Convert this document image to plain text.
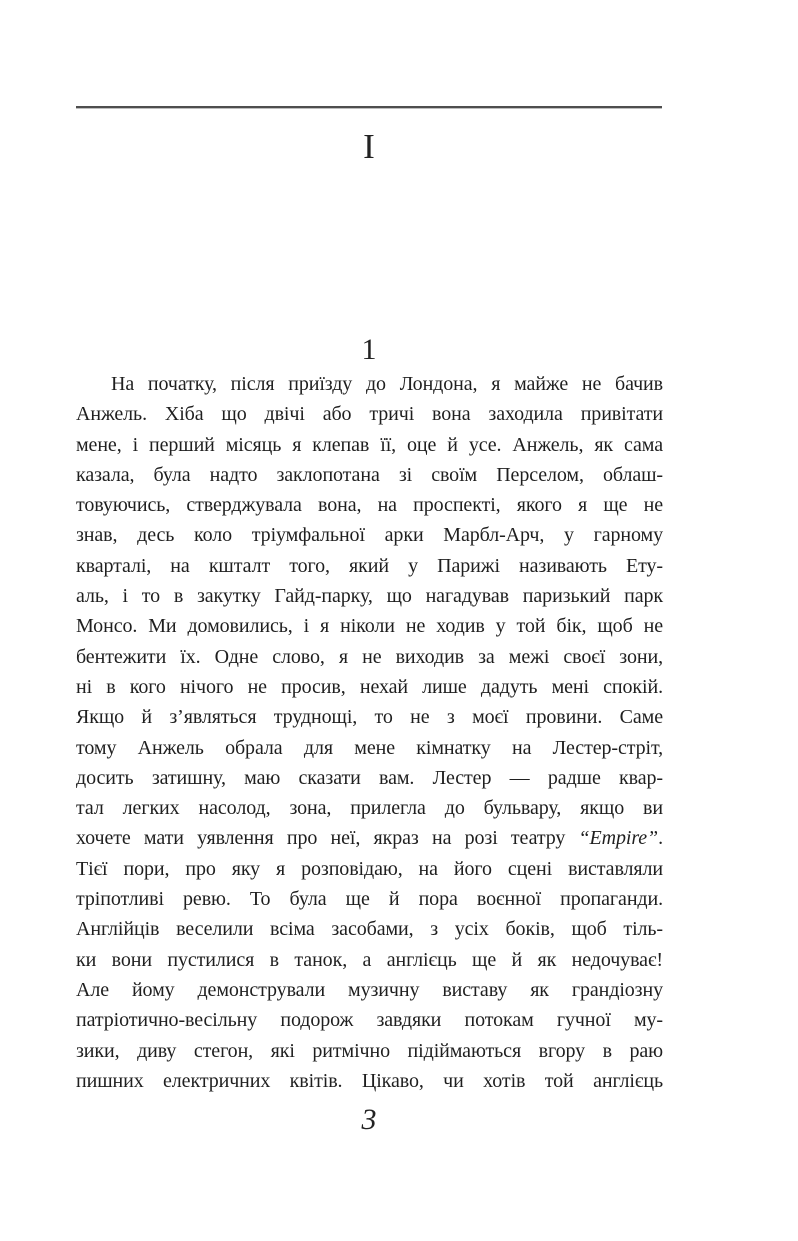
I
1
На початку, після приїзду до Лондона, я майже не бачив
Анжель. Хіба що двічі або тричі вона заходила привітати
мене, і перший місяць я клепав її, оце й усе. Анжель, як сама
казала, була надто заклопотана зі своїм Перселом, облаш-
товуючись, стверджувала вона, на проспекті, якого я ще не
знав, десь коло тріумфальної арки Марбл-Арч, у гарному
кварталі, на кшталт того, який у Парижі називають Ету-
аль, і то в закутку Гайд-парку, що нагадував паризький парк
Монсо. Ми домовились, і я ніколи не ходив у той бік, щоб не
бентежити їх. Одне слово, я не виходив за межі своєї зони,
ні в кого нічого не просив, нехай лише дадуть мені спокій.
Якщо й з’являться труднощі, то не з моєї провини. Саме
тому Анжель обрала для мене кімнатку на Лестер-стріт,
досить затишну, маю сказати вам. Лестер — радше квар-
тал легких насолод, зона, прилегла до бульвару, якщо ви
хочете мати уявлення про неї, якраз на розі театру “Empire”.
Тієї пори, про яку я розповідаю, на його сцені виставляли
тріпотливі ревю. То була ще й пора воєнної пропаганди.
Англійців веселили всіма засобами, з усіх боків, щоб тіль-
ки вони пустилися в танок, а англієць ще й як недочуває!
Але йому демонстрували музичну виставу як грандіозну
патріотично-весільну подорож завдяки потокам гучної му-
зики, диву стегон, які ритмічно підіймаються вгору в раю
пишних електричних квітів. Цікаво, чи хотів той англієць
3
